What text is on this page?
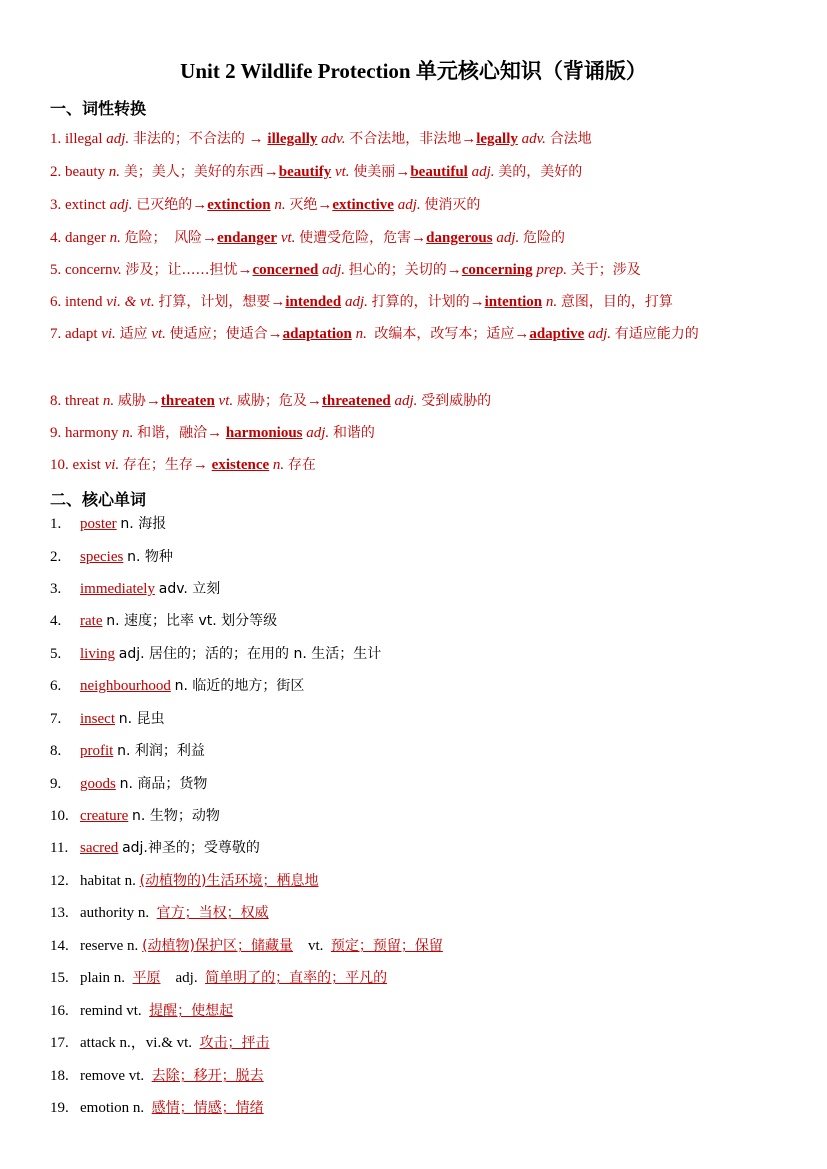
Unit 2 Wildlife Protection 单元核心知识（背诵版）
一、词性转换
1. illegal adj. 非法的；不合法的 → illegally adv. 不合法地，非法地→legally adv. 合法地
2. beauty n. 美；美人；美好的东西→beautify vt. 使美丽→beautiful adj. 美的，美好的
3. extinct adj. 已灭绝的→extinction n. 灭绝→extinctive adj. 使消灭的
4. danger n. 危险； 风险→endanger vt. 使遭受危险，危害→dangerous adj. 危险的
5. concernv. 涉及；让……担忧→concerned adj. 担心的；关切的→concerning prep. 关于；涉及
6. intend vi. & vt. 打算，计划，想要→intended adj. 打算的，计划的→intention n. 意图，目的，打算
7. adapt vi. 适应 vt. 使适应；使适合→adaptation n. 改编本，改写本；适应→adaptive adj. 有适应能力的
8. threat n. 威胁→threaten vt. 威胁；危及→threatened adj. 受到威胁的
9. harmony n. 和谐，融洽→ harmonious adj. 和谐的
10. exist vi. 存在；生存→ existence n. 存在
二、核心单词
1. poster n. 海报
2. species n. 物种
3. immediately adv. 立刻
4. rate n. 速度；比率 vt. 划分等级
5. living adj. 居住的；活的；在用的 n. 生活；生计
6. neighbourhood n. 临近的地方；街区
7. insect n. 昆虫
8. profit n. 利润；利益
9. goods n. 商品；货物
10. creature n. 生物；动物
11. sacred adj.神圣的；受尊敬的
12. habitat n. (动植物的)生活环境；栖息地
13. authority n. 官方；当权；权威
14. reserve n. (动植物)保护区；储藏量 vt. 预定；预留；保留
15. plain n. 平原 adj. 简单明了的；直率的；平凡的
16. remind vt. 提醒；使想起
17. attack n.，vi.& vt. 攻击；抨击
18. remove vt. 去除；移开；脱去
19. emotion n. 感情；情感；情绪
